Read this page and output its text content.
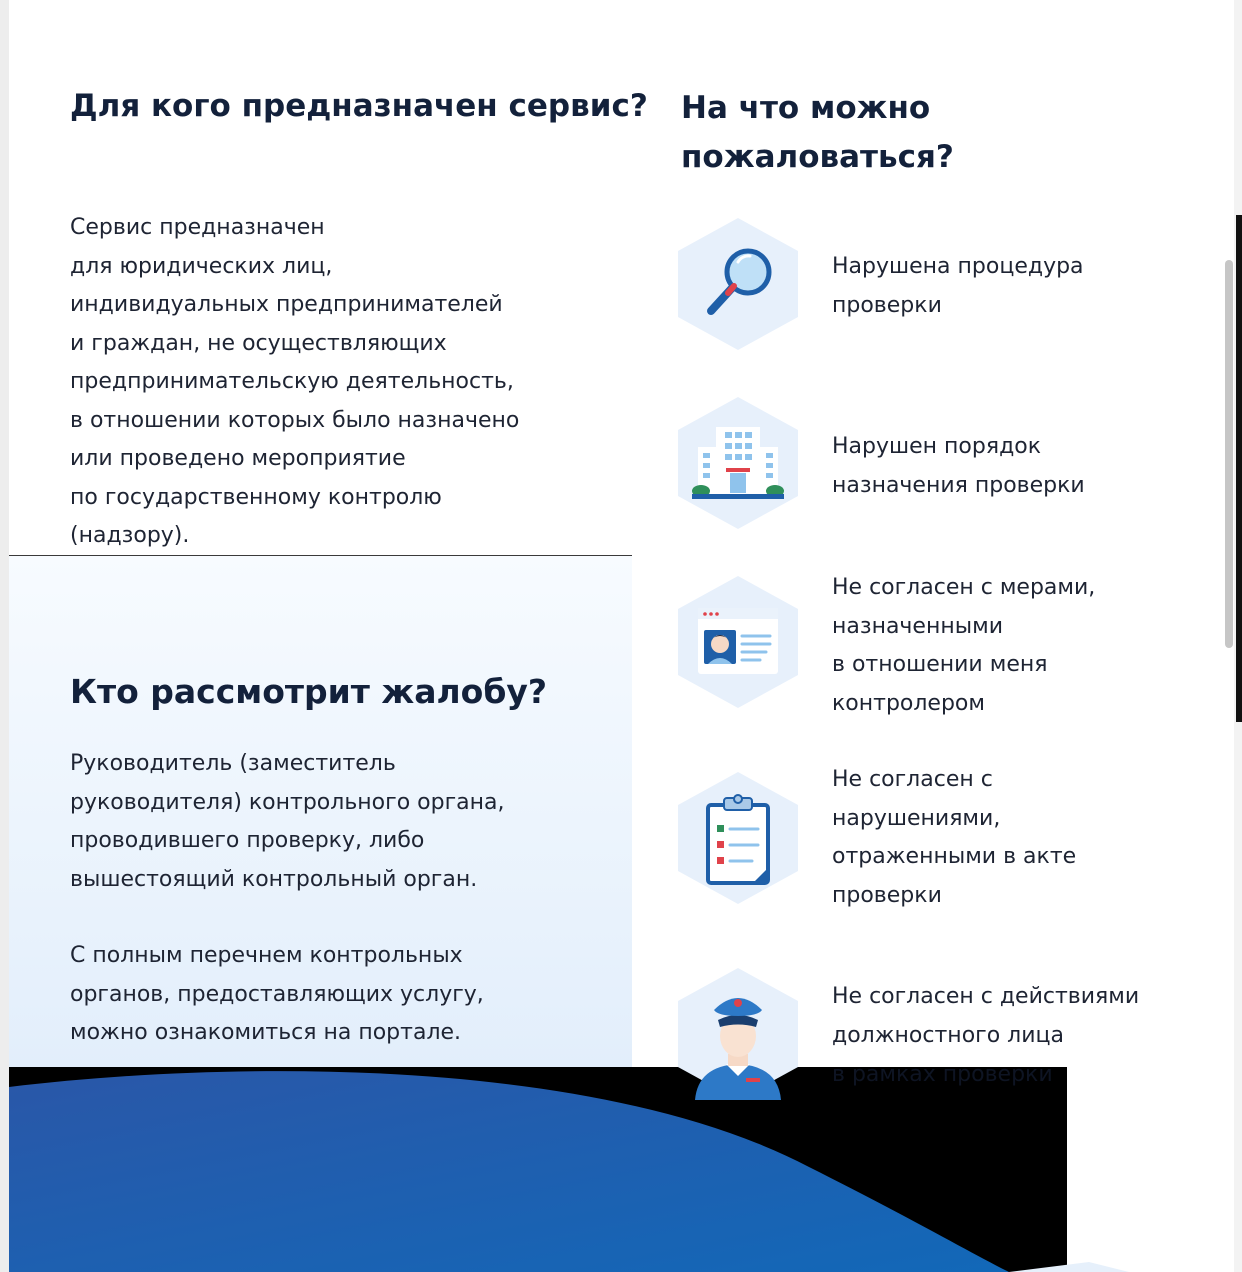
Для кого предназначен сервис?
Сервис предназначен
для юридических лиц,
индивидуальных предпринимателей
и граждан, не осуществляющих
предпринимательскую деятельность,
в отношении которых было назначено
или проведено мероприятие
по государственному контролю
(надзору).
Кто рассмотрит жалобу?
Руководитель (заместитель
руководителя) контрольного органа,
проводившего проверку, либо
вышестоящий контрольный орган.
С полным перечнем контрольных
органов, предоставляющих услугу,
можно ознакомиться на портале.
На что можно
пожаловаться?
Нарушена процедура
проверки
Нарушен порядок
назначения проверки
Не согласен с мерами,
назначенными
в отношении меня
контролером
Не согласен с
нарушениями,
отраженными в акте
проверки
Не согласен с действиями
должностного лица
в рамках проверки
